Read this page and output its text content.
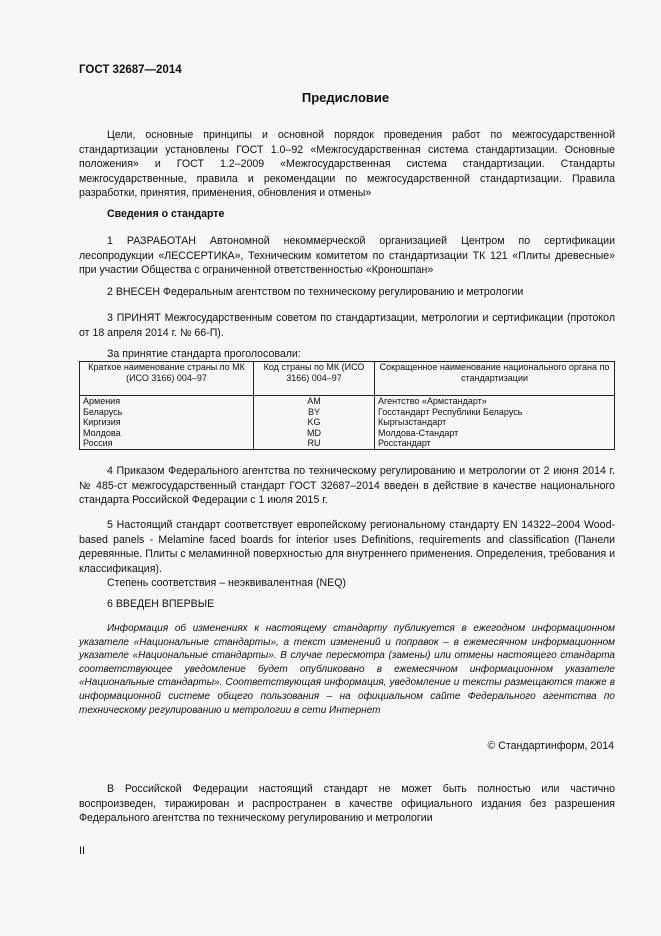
ГОСТ 32687—2014
Предисловие
Цели, основные принципы и основной порядок проведения работ по межгосударственной стандартизации установлены ГОСТ 1.0–92 «Межгосударственная система стандартизации. Основные положения» и ГОСТ 1.2–2009 «Межгосударственная система стандартизации. Стандарты межгосударственные, правила и рекомендации по межгосударственной стандартизации. Правила разработки, принятия, применения, обновления и отмены»
Сведения о стандарте
1 РАЗРАБОТАН Автономной некоммерческой организацией Центром по сертификации лесопродукции «ЛЕССЕРТИКА», Техническим комитетом по стандартизации ТК 121 «Плиты древесные» при участии Общества с ограниченной ответственностью «Кроношпан»
2 ВНЕСЕН Федеральным агентством по техническому регулированию и метрологии
3 ПРИНЯТ Межгосударственным советом по стандартизации, метрологии и сертификации (протокол от 18 апреля 2014 г. № 66-П).
За принятие стандарта проголосовали:
Краткое наименование страны по МК (ИСО 3166) 004–97	Код страны по МК (ИСО 3166) 004–97	Сокращенное наименование национального органа по стандартизации
Армения	AM	Агентство «Армстандарт»
Беларусь	BY	Госстандарт Республики Беларусь
Киргизия	KG	Кыргызстандарт
Молдова	MD	Молдова-Стандарт
Россия	RU	Росстандарт
4 Приказом Федерального агентства по техническому регулированию и метрологии от 2 июня 2014 г. № 485-ст межгосударственный стандарт ГОСТ 32687–2014 введен в действие в качестве национального стандарта Российской Федерации с 1 июля 2015 г.
5 Настоящий стандарт соответствует европейскому региональному стандарту EN 14322–2004 Wood-based panels - Melamine faced boards for interior uses Definitions, requirements and classification (Панели деревянные. Плиты с меламинной поверхностью для внутреннего применения. Определения, требования и классификация).
Степень соответствия – неэквивалентная (NEQ)
6 ВВЕДЕН ВПЕРВЫЕ
Информация об изменениях к настоящему стандарту публикуется в ежегодном информационном указателе «Национальные стандарты», а текст изменений и поправок – в ежемесячном информационном указателе «Национальные стандарты». В случае пересмотра (замены) или отмены настоящего стандарта соответствующее уведомление будет опубликовано в ежемесячном информационном указателе «Национальные стандарты». Соответствующая информация, уведомление и тексты размещаются также в информационной системе общего пользования – на официальном сайте Федерального агентства по техническому регулированию и метрологии в сети Интернет
© Стандартинформ, 2014
В Российской Федерации настоящий стандарт не может быть полностью или частично воспроизведен, тиражирован и распространен в качестве официального издания без разрешения Федерального агентства по техническому регулированию и метрологии
II
